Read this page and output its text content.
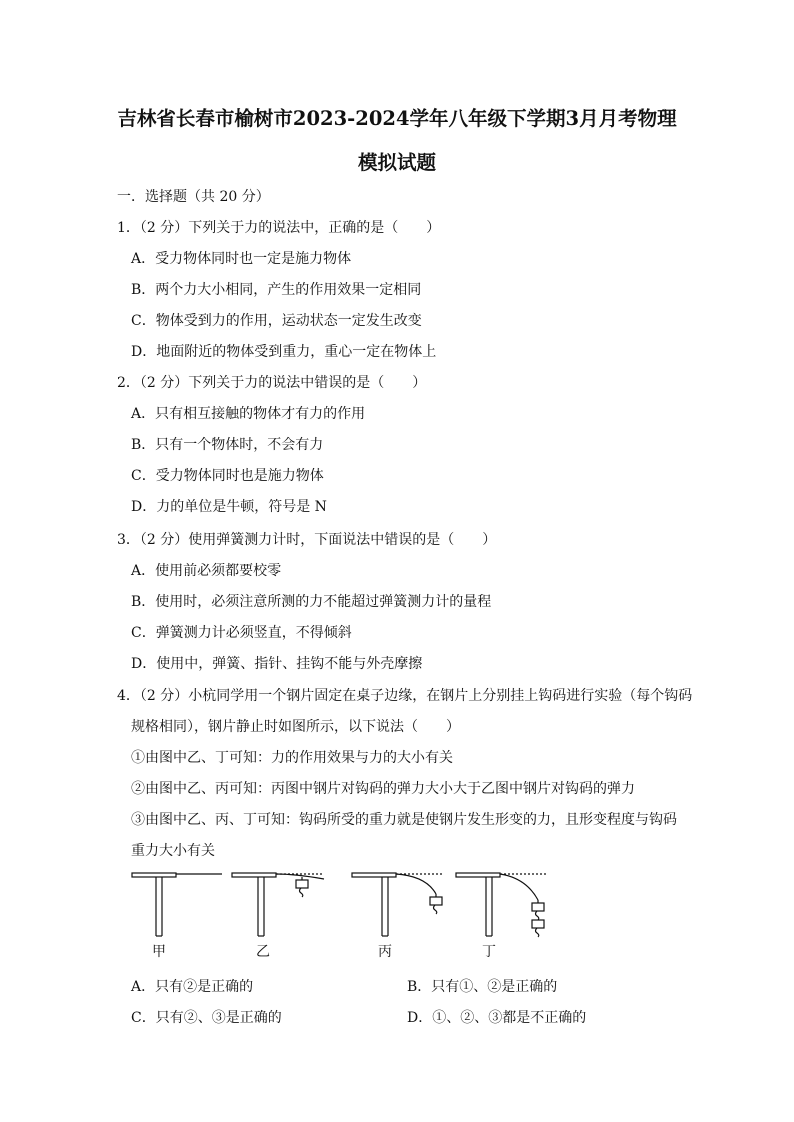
吉林省长春市榆树市2023-2024学年八年级下学期3月月考物理
模拟试题
一．选择题（共 20 分）
1．（2 分）下列关于力的说法中，正确的是（　　）
A．受力物体同时也一定是施力物体
B．两个力大小相同，产生的作用效果一定相同
C．物体受到力的作用，运动状态一定发生改变
D．地面附近的物体受到重力，重心一定在物体上
2．（2 分）下列关于力的说法中错误的是（　　）
A．只有相互接触的物体才有力的作用
B．只有一个物体时，不会有力
C．受力物体同时也是施力物体
D．力的单位是牛顿，符号是 N
3．（2 分）使用弹簧测力计时，下面说法中错误的是（　　）
A．使用前必须都要校零
B．使用时，必须注意所测的力不能超过弹簧测力计的量程
C．弹簧测力计必须竖直，不得倾斜
D．使用中，弹簧、指针、挂钩不能与外壳摩擦
4．（2 分）小杭同学用一个钢片固定在桌子边缘，在钢片上分别挂上钩码进行实验（每个钩码
规格相同），钢片静止时如图所示，以下说法（　　）
①由图中乙、丁可知：力的作用效果与力的大小有关
②由图中乙、丙可知：丙图中钢片对钩码的弹力大小大于乙图中钢片对钩码的弹力
③由图中乙、丙、丁可知：钩码所受的重力就是使钢片发生形变的力，且形变程度与钩码
重力大小有关
甲	乙	丙	丁
A．只有②是正确的	B．只有①、②是正确的
C．只有②、③是正确的	D．①、②、③都是不正确的
